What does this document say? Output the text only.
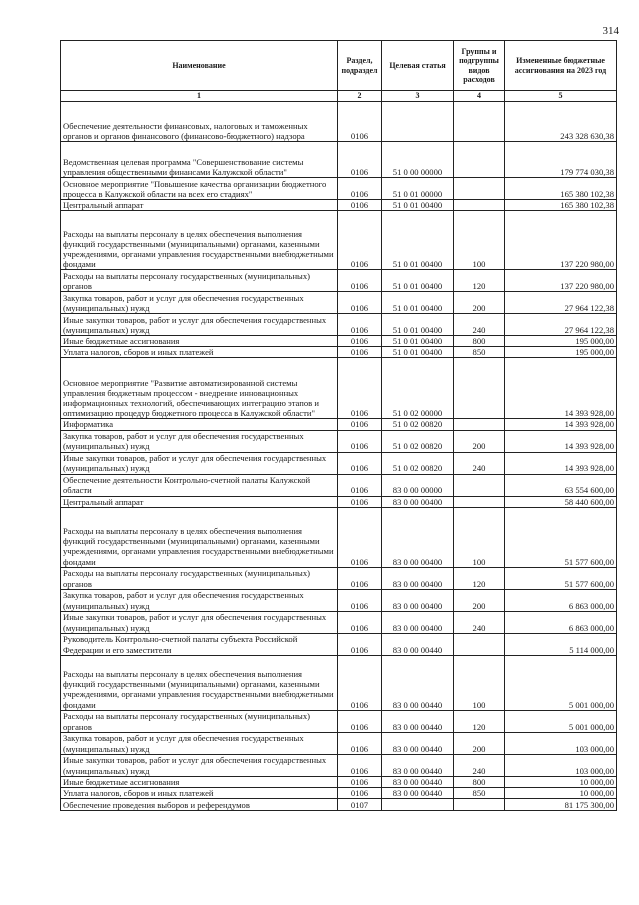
314
Наименование	Раздел, подраздел	Целевая статья	Группы и подгруппы видов расходов	Измененные бюджетные ассигнования на 2023 год
1	2	3	4	5
Обеспечение деятельности финансовых, налоговых и таможенных органов и органов финансового (финансово-бюджетного) надзора	0106			243 328 630,38
Ведомственная целевая программа "Совершенствование системы управления общественными финансами Калужской области"	0106	51 0 00 00000		179 774 030,38
Основное мероприятие "Повышение качества организации бюджетного процесса в Калужской области на всех его стадиях"	0106	51 0 01 00000		165 380 102,38
Центральный аппарат	0106	51 0 01 00400		165 380 102,38
Расходы на выплаты персоналу в целях обеспечения выполнения функций государственными (муниципальными) органами, казенными учреждениями, органами управления государственными внебюджетными фондами	0106	51 0 01 00400	100	137 220 980,00
Расходы на выплаты персоналу государственных (муниципальных) органов	0106	51 0 01 00400	120	137 220 980,00
Закупка товаров, работ и услуг для обеспечения государственных (муниципальных) нужд	0106	51 0 01 00400	200	27 964 122,38
Иные закупки товаров, работ и услуг для обеспечения государственных (муниципальных) нужд	0106	51 0 01 00400	240	27 964 122,38
Иные бюджетные ассигнования	0106	51 0 01 00400	800	195 000,00
Уплата налогов, сборов и иных платежей	0106	51 0 01 00400	850	195 000,00
Основное мероприятие "Развитие автоматизированной системы управления бюджетным процессом - внедрение инновационных информационных технологий, обеспечивающих интеграцию этапов и оптимизацию процедур бюджетного процесса в Калужской области"	0106	51 0 02 00000		14 393 928,00
Информатика	0106	51 0 02 00820		14 393 928,00
Закупка товаров, работ и услуг для обеспечения государственных (муниципальных) нужд	0106	51 0 02 00820	200	14 393 928,00
Иные закупки товаров, работ и услуг для обеспечения государственных (муниципальных) нужд	0106	51 0 02 00820	240	14 393 928,00
Обеспечение деятельности Контрольно-счетной палаты Калужской области	0106	83 0 00 00000		63 554 600,00
Центральный аппарат	0106	83 0 00 00400		58 440 600,00
Расходы на выплаты персоналу в целях обеспечения выполнения функций государственными (муниципальными) органами, казенными учреждениями, органами управления государственными внебюджетными фондами	0106	83 0 00 00400	100	51 577 600,00
Расходы на выплаты персоналу государственных (муниципальных) органов	0106	83 0 00 00400	120	51 577 600,00
Закупка товаров, работ и услуг для обеспечения государственных (муниципальных) нужд	0106	83 0 00 00400	200	6 863 000,00
Иные закупки товаров, работ и услуг для обеспечения государственных (муниципальных) нужд	0106	83 0 00 00400	240	6 863 000,00
Руководитель Контрольно-счетной палаты субъекта Российской Федерации и его заместители	0106	83 0 00 00440		5 114 000,00
Расходы на выплаты персоналу в целях обеспечения выполнения функций государственными (муниципальными) органами, казенными учреждениями, органами управления государственными внебюджетными фондами	0106	83 0 00 00440	100	5 001 000,00
Расходы на выплаты персоналу государственных (муниципальных) органов	0106	83 0 00 00440	120	5 001 000,00
Закупка товаров, работ и услуг для обеспечения государственных (муниципальных) нужд	0106	83 0 00 00440	200	103 000,00
Иные закупки товаров, работ и услуг для обеспечения государственных (муниципальных) нужд	0106	83 0 00 00440	240	103 000,00
Иные бюджетные ассигнования	0106	83 0 00 00440	800	10 000,00
Уплата налогов, сборов и иных платежей	0106	83 0 00 00440	850	10 000,00
Обеспечение проведения выборов и референдумов	0107			81 175 300,00
